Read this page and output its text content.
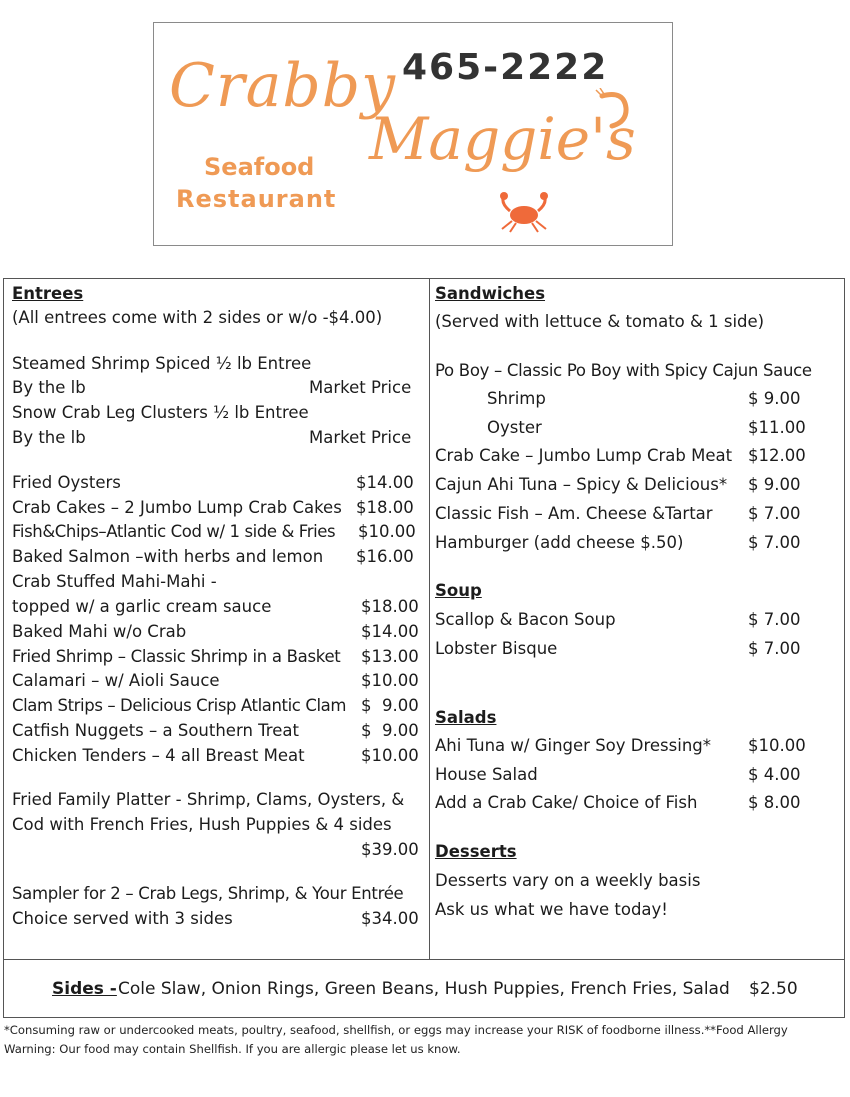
Crabby 465-2222
Maggie's
Seafood
Restaurant
Entrees
(All entrees come with 2 sides or w/o -$4.00)
Steamed Shrimp Spiced ½ lb Entree
By the lb	Market Price
Snow Crab Leg Clusters ½ lb Entree
By the lb	Market Price
Fried Oysters	$14.00
Crab Cakes – 2 Jumbo Lump Crab Cakes $18.00
Fish&Chips–Atlantic Cod w/ 1 side & Fries $10.00
Baked Salmon –with herbs and lemon $16.00
Crab Stuffed Mahi-Mahi -
topped w/ a garlic cream sauce	$18.00
Baked Mahi w/o Crab	$14.00
Fried Shrimp – Classic Shrimp in a Basket $13.00
Calamari – w/ Aioli Sauce	$10.00
Clam Strips – Delicious Crisp Atlantic Clam $  9.00
Catfish Nuggets – a Southern Treat	$  9.00
Chicken Tenders – 4 all Breast Meat	$10.00
Fried Family Platter - Shrimp, Clams, Oysters, &
Cod with French Fries, Hush Puppies & 4 sides
$39.00
Sampler for 2 – Crab Legs, Shrimp, & Your Entrée
Choice served with 3 sides	$34.00
Sandwiches
(Served with lettuce & tomato & 1 side)
Po Boy – Classic Po Boy with Spicy Cajun Sauce
Shrimp	$ 9.00
Oyster	$11.00
Crab Cake – Jumbo Lump Crab Meat $12.00
Cajun Ahi Tuna – Spicy & Delicious* $ 9.00
Classic Fish – Am. Cheese &Tartar $ 7.00
Hamburger (add cheese $.50)	$ 7.00
Soup
Scallop & Bacon Soup	$ 7.00
Lobster Bisque	$ 7.00
Salads
Ahi Tuna w/ Ginger Soy Dressing* $10.00
House Salad	$ 4.00
Add a Crab Cake/ Choice of Fish	$ 8.00
Desserts
Desserts vary on a weekly basis
Ask us what we have today!
Sides - Cole Slaw, Onion Rings, Green Beans, Hush Puppies, French Fries, Salad $2.50
*Consuming raw or undercooked meats, poultry, seafood, shellfish, or eggs may increase your RISK of foodborne illness.**Food Allergy
Warning: Our food may contain Shellfish. If you are allergic please let us know.
